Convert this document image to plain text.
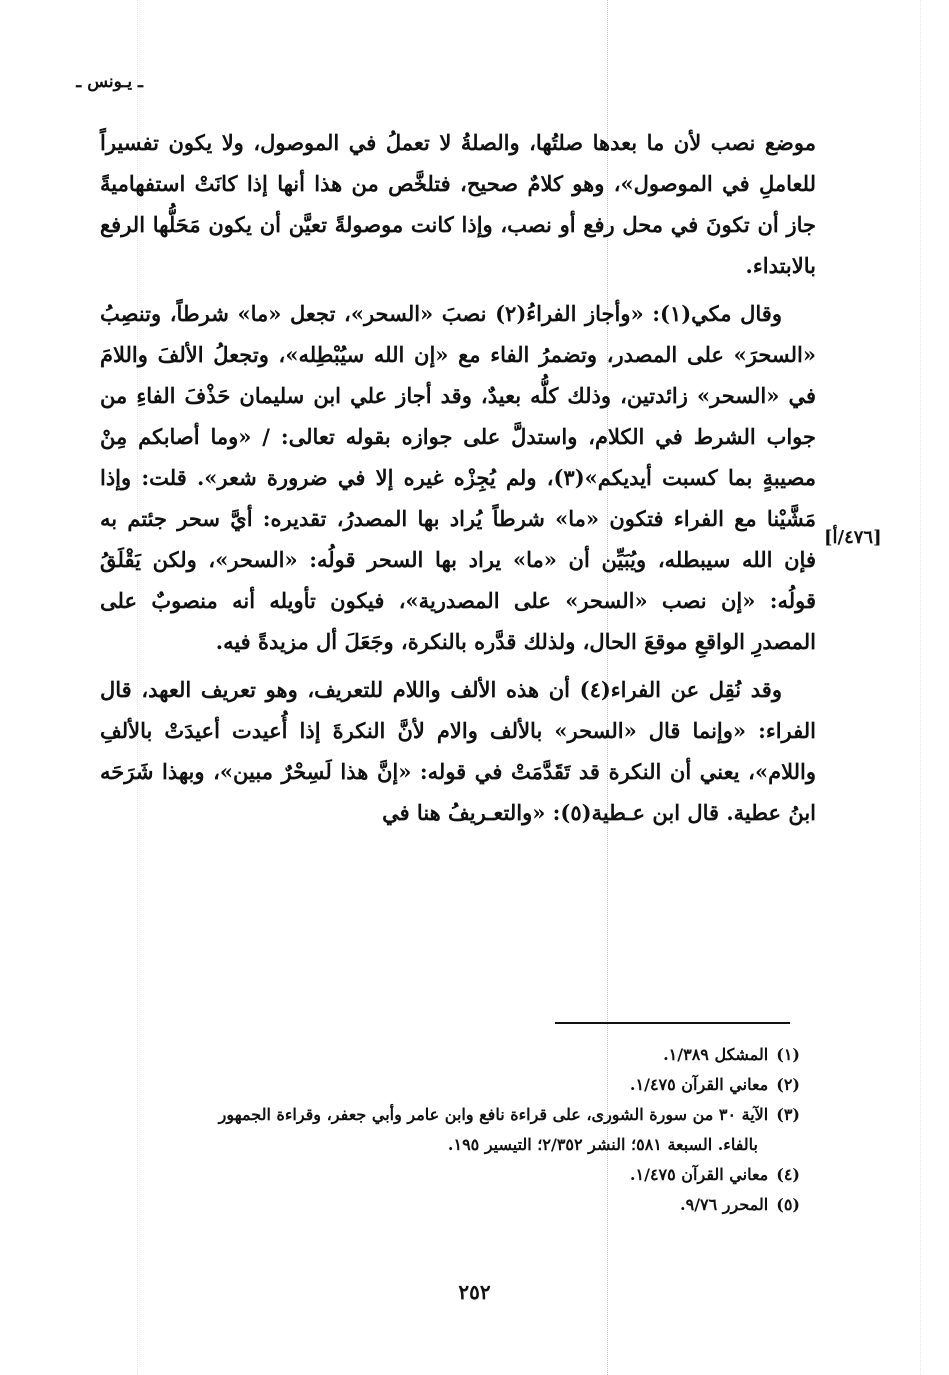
ـ يـونس ـ
[٤٧٦/أ]

موضع نصب لأن ما بعدها صلتُها، والصلةُ لا تعملُ في الموصول، ولا يكون تفسيراً للعاملِ في الموصول»، وهو كلامٌ صحيح، فتلخَّص من هذا أنها إذا كانَتْ استفهاميةً جاز أن تكونَ في محل رفع أو نصب، وإذا كانت موصولةً تعيَّن أن يكون مَحَلُّها الرفع بالابتداء.

وقال مكي(١): «وأجاز الفراءُ(٢) نصبَ «السحر»، تجعل «ما» شرطاً، وتنصِبُ «السحرَ» على المصدر، وتضمرُ الفاء مع «إن الله سيُبْطِله»، وتجعلُ الألفَ واللامَ في «السحر» زائدتين، وذلك كلُّه بعيدٌ، وقد أجاز علي ابن سليمان حَذْفَ الفاءِ من جواب الشرط في الكلام، واستدلَّ على جوازه بقوله تعالى: / «وما أصابكم مِنْ مصيبةٍ بما كسبت أيديكم»(٣)، ولم يُجِزْه غيره إلا في ضرورة شعر». قلت: وإذا مَشَّيْنا مع الفراء فتكون «ما» شرطاً يُراد بها المصدرُ، تقديره: أيَّ سحر جئتم به فإن الله سيبطله، ويُبَيِّن أن «ما» يراد بها السحر قولُه: «السحر»، ولكن يَقْلَقُ قولُه: «إن نصب «السحر» على المصدرية»، فيكون تأويله أنه منصوبٌ على المصدرِ الواقعِ موقعَ الحال، ولذلك قدَّره بالنكرة، وجَعَلَ أل مزيدةً فيه.

وقد نُقِل عن الفراء(٤) أن هذه الألف واللام للتعريف، وهو تعريف العهد، قال الفراء: «وإنما قال «السحر» بالألف والام لأنَّ النكرةَ إذا أُعيدت أعيدَتْ بالألفِ واللام»، يعني أن النكرة قد تَقَدَّمَتْ في قوله: «إنَّ هذا لَسِحْرٌ مبين»، وبهذا شَرَحَه ابنُ عطية. قال ابن عـطية(٥): «والتعـريفُ هنا في

(١)المشكل ١/٣٨٩.

(٢)معاني القرآن ١/٤٧٥.

(٣)الآية ٣٠ من سورة الشورى، على قراءة نافع وابن عامر وأبي جعفر، وقراءة الجمهور
بالفاء. السبعة ٥٨١؛ النشر ٢/٣٥٢؛ التيسير ١٩٥.

(٤)معاني القرآن ١/٤٧٥.

(٥)المحرر ٩/٧٦.

٢٥٢
